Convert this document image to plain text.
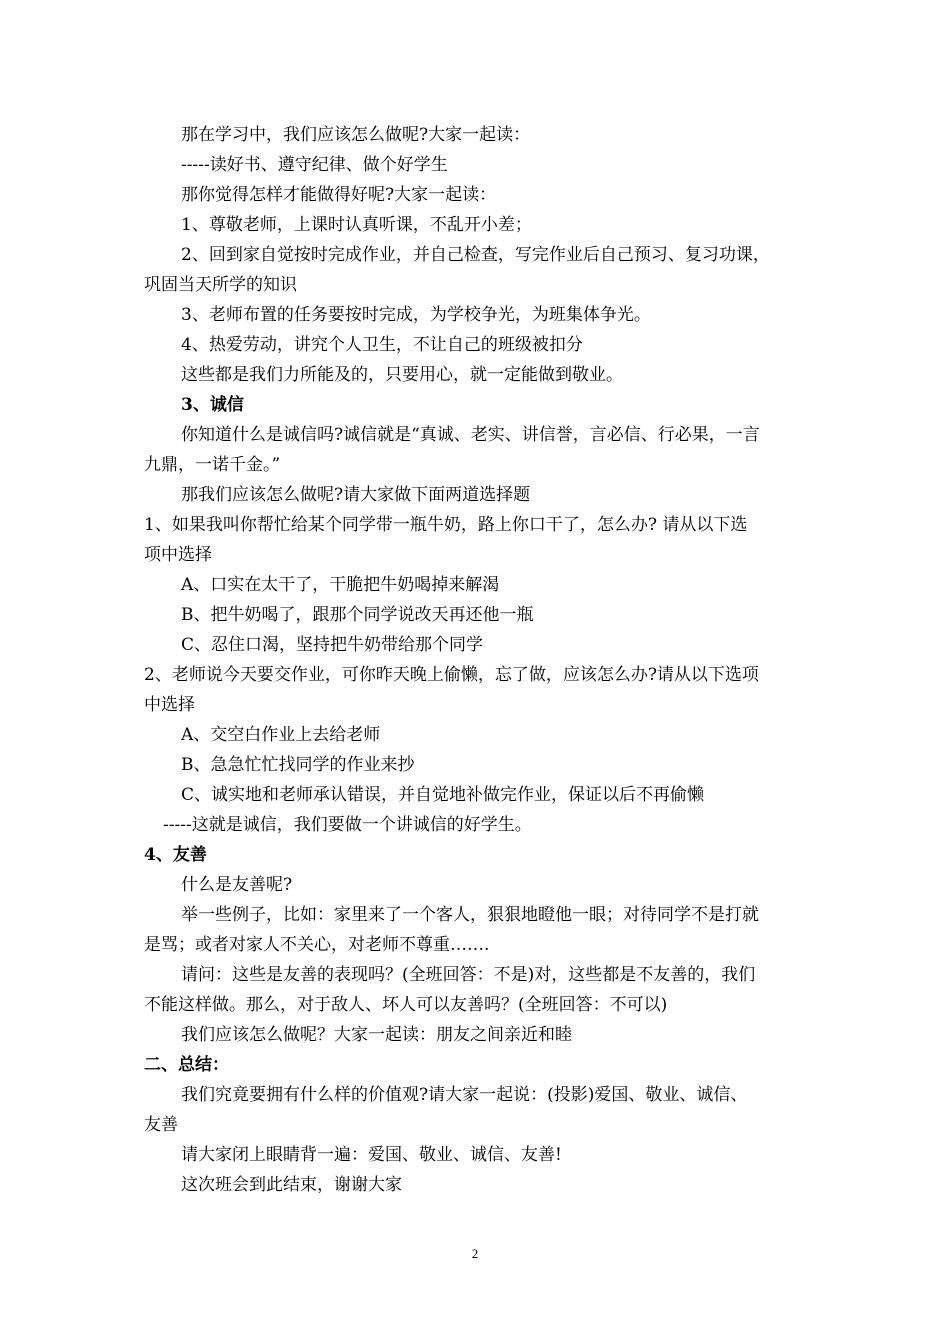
那在学习中，我们应该怎么做呢?大家一起读：

-----读好书、遵守纪律、做个好学生

那你觉得怎样才能做得好呢?大家一起读：

1、尊敬老师，上课时认真听课，不乱开小差；

2、回到家自觉按时完成作业，并自己检查，写完作业后自己预习、复习功课，

巩固当天所学的知识

3、老师布置的任务要按时完成，为学校争光，为班集体争光。

4、热爱劳动，讲究个人卫生，不让自己的班级被扣分

这些都是我们力所能及的，只要用心，就一定能做到敬业。

3、诚信

你知道什么是诚信吗?诚信就是“真诚、老实、讲信誉，言必信、行必果，一言

九鼎，一诺千金。”

那我们应该怎么做呢?请大家做下面两道选择题

1、如果我叫你帮忙给某个同学带一瓶牛奶，路上你口干了，怎么办? 请从以下选

项中选择

A、口实在太干了，干脆把牛奶喝掉来解渴

B、把牛奶喝了，跟那个同学说改天再还他一瓶

C、忍住口渴，坚持把牛奶带给那个同学

2、老师说今天要交作业，可你昨天晚上偷懒，忘了做，应该怎么办?请从以下选项

中选择

A、交空白作业上去给老师

B、急急忙忙找同学的作业来抄

C、诚实地和老师承认错误，并自觉地补做完作业，保证以后不再偷懒

-----这就是诚信，我们要做一个讲诚信的好学生。

4、友善

什么是友善呢?

举一些例子，比如：家里来了一个客人，狠狠地瞪他一眼；对待同学不是打就

是骂；或者对家人不关心，对老师不尊重…….

请问：这些是友善的表现吗？(全班回答：不是)对，这些都是不友善的，我们

不能这样做。那么，对于敌人、坏人可以友善吗？(全班回答：不可以)

我们应该怎么做呢？大家一起读：朋友之间亲近和睦

二、总结：

我们究竟要拥有什么样的价值观?请大家一起说：(投影)爱国、敬业、诚信、

友善

请大家闭上眼睛背一遍：爱国、敬业、诚信、友善!

这次班会到此结束，谢谢大家

2
